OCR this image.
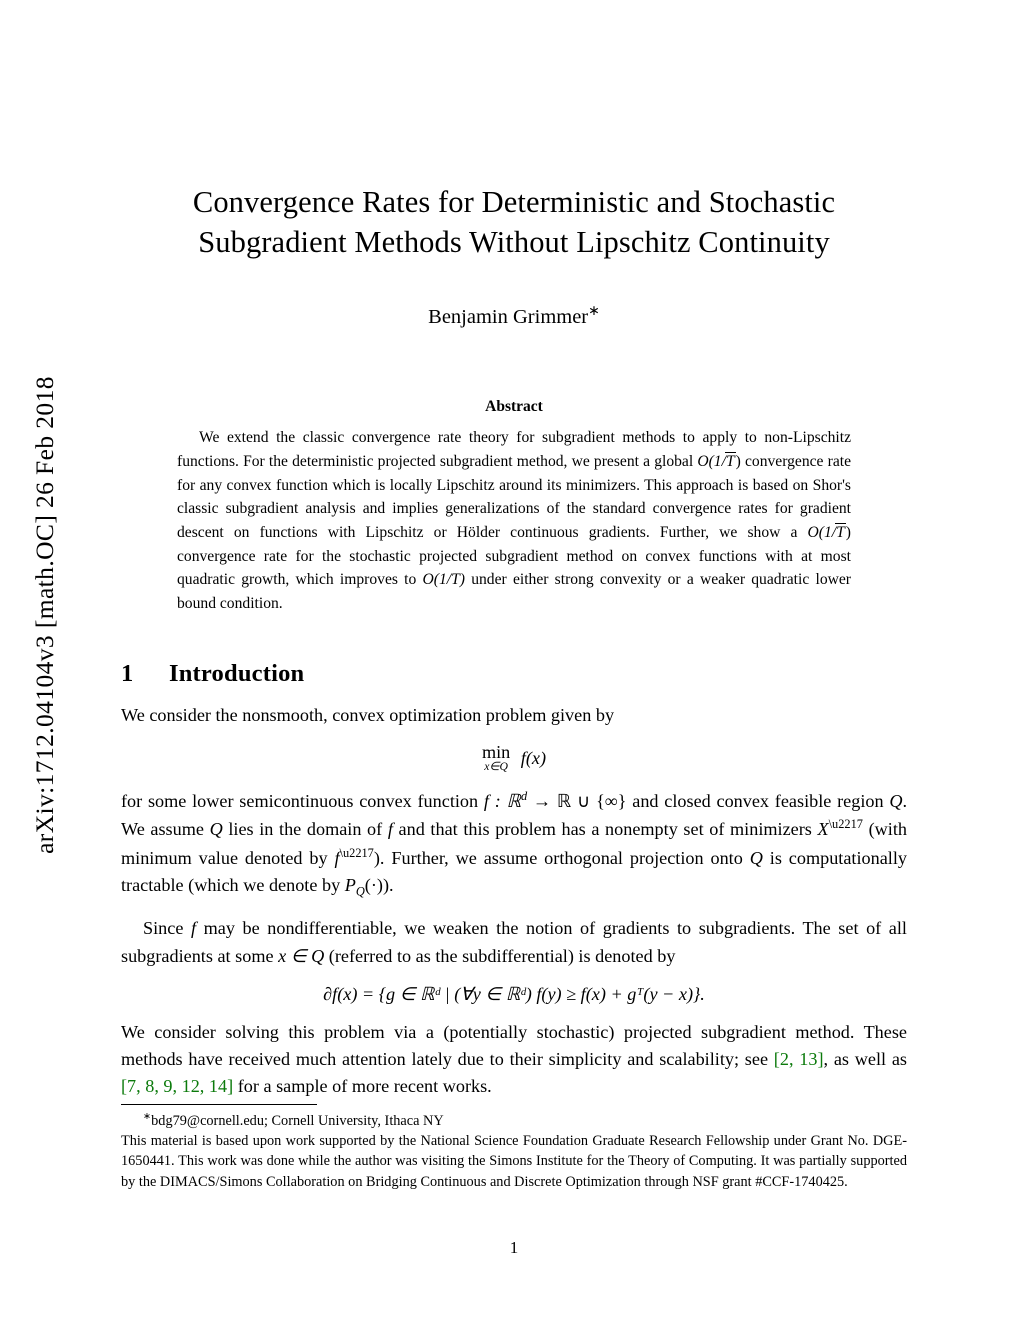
arXiv:1712.04104v3 [math.OC] 26 Feb 2018
Convergence Rates for Deterministic and Stochastic
Subgradient Methods Without Lipschitz Continuity
Benjamin Grimmer∗
Abstract

We extend the classic convergence rate theory for subgradient methods to apply to non-Lipschitz functions. For the deterministic projected subgradient method, we present a global O(1/T) convergence rate for any convex function which is locally Lipschitz around its minimizers. This approach is based on Shor's classic subgradient analysis and implies generalizations of the standard convergence rates for gradient descent on functions with Lipschitz or Hölder continuous gradients. Further, we show a O(1/T) convergence rate for the stochastic projected subgradient method on convex functions with at most quadratic growth, which improves to O(1/T) under either strong convexity or a weaker quadratic lower bound condition.

1 Introduction
We consider the nonsmooth, convex optimization problem given by
min
x∈Q f(x)
for some lower semicontinuous convex function f : ℝ$^d$ → ℝ ∪ {∞} and closed convex feasible region Q. We assume Q lies in the domain of f and that this problem has a nonempty set of minimizers $X^{\backslash u2217}$ (with minimum value denoted by $f^{\backslash u2217}$). Further, we assume orthogonal projection onto Q is computationally tractable (which we denote by $P_Q(\cdot)$).
Since f may be nondifferentiable, we weaken the notion of gradients to subgradients. The set of all subgradients at some x ∈ Q (referred to as the subdifferential) is denoted by
∂f(x) = {g ∈ ℝᵈ | (∀y ∈ ℝᵈ) f(y) ≥ f(x) + gᵀ(y − x)}.
We consider solving this problem via a (potentially stochastic) projected subgradient method. These methods have received much attention lately due to their simplicity and scalability; see [2, 13], as well as [7, 8, 9, 12, 14] for a sample of more recent works.
∗bdg79@cornell.edu; Cornell University, Ithaca NY
This material is based upon work supported by the National Science Foundation Graduate Research Fellowship under Grant No. DGE-1650441. This work was done while the author was visiting the Simons Institute for the Theory of Computing. It was partially supported by the DIMACS/Simons Collaboration on Bridging Continuous and Discrete Optimization through NSF grant #CCF-1740425.
1
